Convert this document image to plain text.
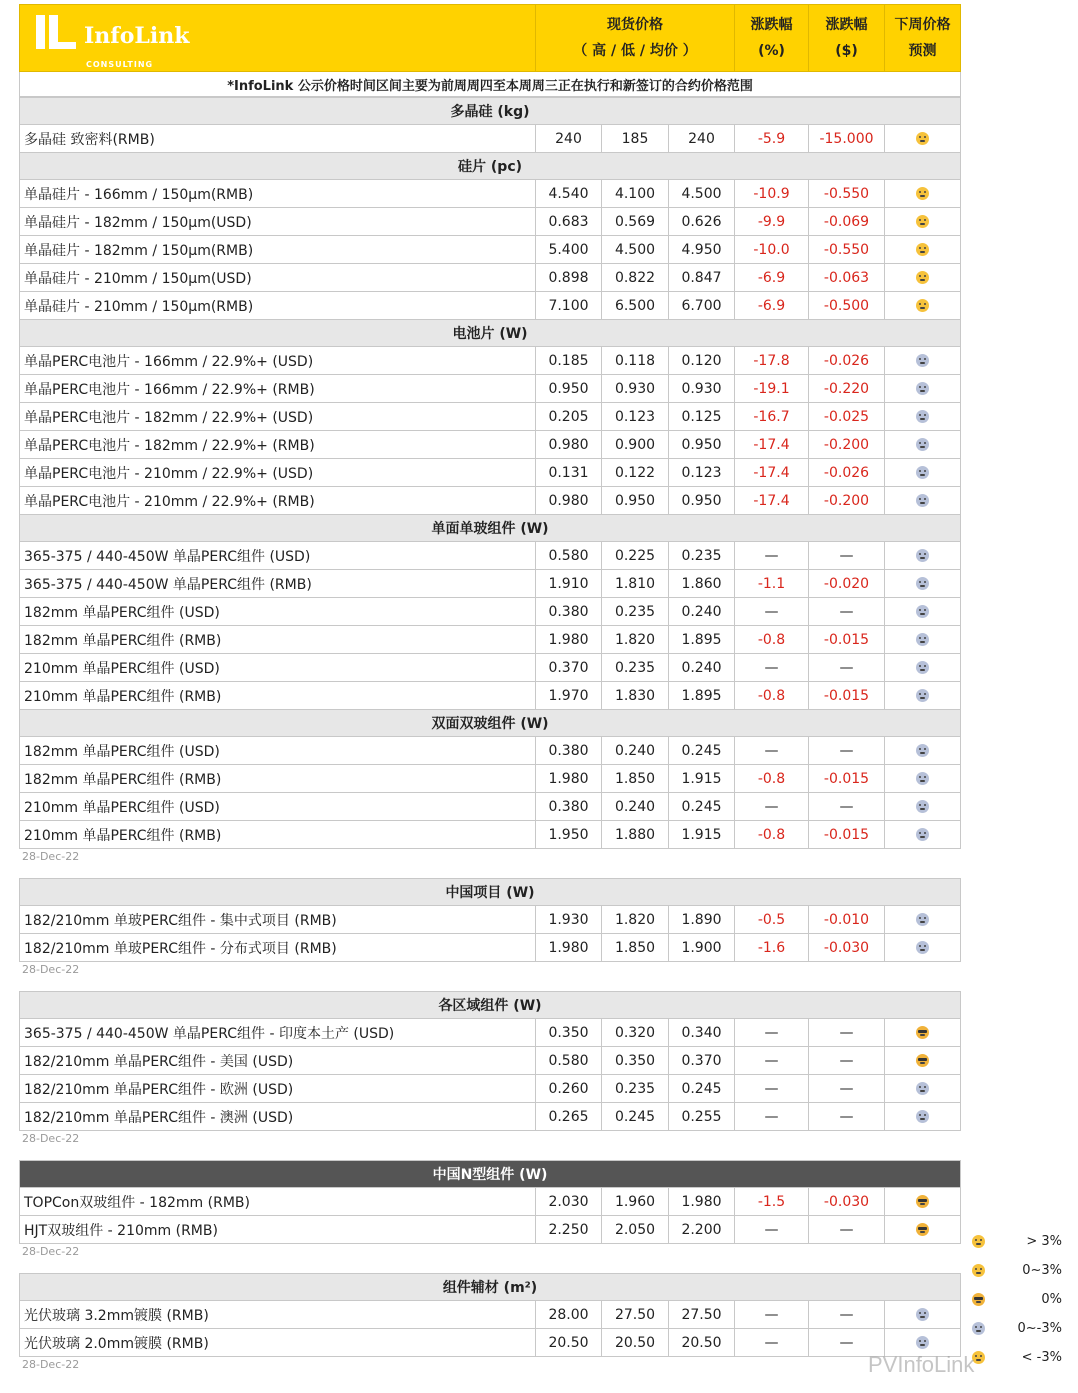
InfoLink
CONSULTING

现货价格
（ 高 / 低 / 均价 ）

涨跌幅
(%)

涨跌幅
($)

下周价格
预测

*InfoLink 公示价格时间区间主要为前周周四至本周周三正在执行和新签订的合约价格范围
多晶硅 (kg)						
多晶硅 致密料(RMB)	240	185	240	-5.9	-15.000	
硅片 (pc)						
单晶硅片 - 166mm / 150μm(RMB)	4.540	4.100	4.500	-10.9	-0.550	
单晶硅片 - 182mm / 150μm(USD)	0.683	0.569	0.626	-9.9	-0.069	
单晶硅片 - 182mm / 150μm(RMB)	5.400	4.500	4.950	-10.0	-0.550	
单晶硅片 - 210mm / 150μm(USD)	0.898	0.822	0.847	-6.9	-0.063	
单晶硅片 - 210mm / 150μm(RMB)	7.100	6.500	6.700	-6.9	-0.500	
电池片 (W)						
单晶PERC电池片 - 166mm / 22.9%+ (USD)	0.185	0.118	0.120	-17.8	-0.026	
单晶PERC电池片 - 166mm / 22.9%+ (RMB)	0.950	0.930	0.930	-19.1	-0.220	
单晶PERC电池片 - 182mm / 22.9%+ (USD)	0.205	0.123	0.125	-16.7	-0.025	
单晶PERC电池片 - 182mm / 22.9%+ (RMB)	0.980	0.900	0.950	-17.4	-0.200	
单晶PERC电池片 - 210mm / 22.9%+ (USD)	0.131	0.122	0.123	-17.4	-0.026	
单晶PERC电池片 - 210mm / 22.9%+ (RMB)	0.980	0.950	0.950	-17.4	-0.200	
单面单玻组件 (W)						
365-375 / 440-450W 单晶PERC组件 (USD)	0.580	0.225	0.235	—	—	
365-375 / 440-450W 单晶PERC组件 (RMB)	1.910	1.810	1.860	-1.1	-0.020	
182mm 单晶PERC组件 (USD)	0.380	0.235	0.240	—	—	
182mm 单晶PERC组件 (RMB)	1.980	1.820	1.895	-0.8	-0.015	
210mm 单晶PERC组件 (USD)	0.370	0.235	0.240	—	—	
210mm 单晶PERC组件 (RMB)	1.970	1.830	1.895	-0.8	-0.015	
双面双玻组件 (W)						
182mm 单晶PERC组件 (USD)	0.380	0.240	0.245	—	—	
182mm 单晶PERC组件 (RMB)	1.980	1.850	1.915	-0.8	-0.015	
210mm 单晶PERC组件 (USD)	0.380	0.240	0.245	—	—	
210mm 单晶PERC组件 (RMB)	1.950	1.880	1.915	-0.8	-0.015	
28-Dec-22
中国项目 (W)						
182/210mm 单玻PERC组件 - 集中式项目 (RMB)	1.930	1.820	1.890	-0.5	-0.010	
182/210mm 单玻PERC组件 - 分布式项目 (RMB)	1.980	1.850	1.900	-1.6	-0.030	
28-Dec-22
各区域组件 (W)						
365-375 / 440-450W 单晶PERC组件 - 印度本土产 (USD)	0.350	0.320	0.340	—	—	
182/210mm 单晶PERC组件 - 美国 (USD)	0.580	0.350	0.370	—	—	
182/210mm 单晶PERC组件 - 欧洲 (USD)	0.260	0.235	0.245	—	—	
182/210mm 单晶PERC组件 - 澳洲 (USD)	0.265	0.245	0.255	—	—	
28-Dec-22
中国N型组件 (W)						
TOPCon双玻组件 - 182mm (RMB)	2.030	1.960	1.980	-1.5	-0.030	
HJT双玻组件 - 210mm (RMB)	2.250	2.050	2.200	—	—	
28-Dec-22
组件辅材 (m²)						
光伏玻璃 3.2mm镀膜 (RMB)	28.00	27.50	27.50	—	—	
光伏玻璃 2.0mm镀膜 (RMB)	20.50	20.50	20.50	—	—	
28-Dec-22
> 3%
0~3%
0%
0~-3%
< -3%
PVInfoLink
